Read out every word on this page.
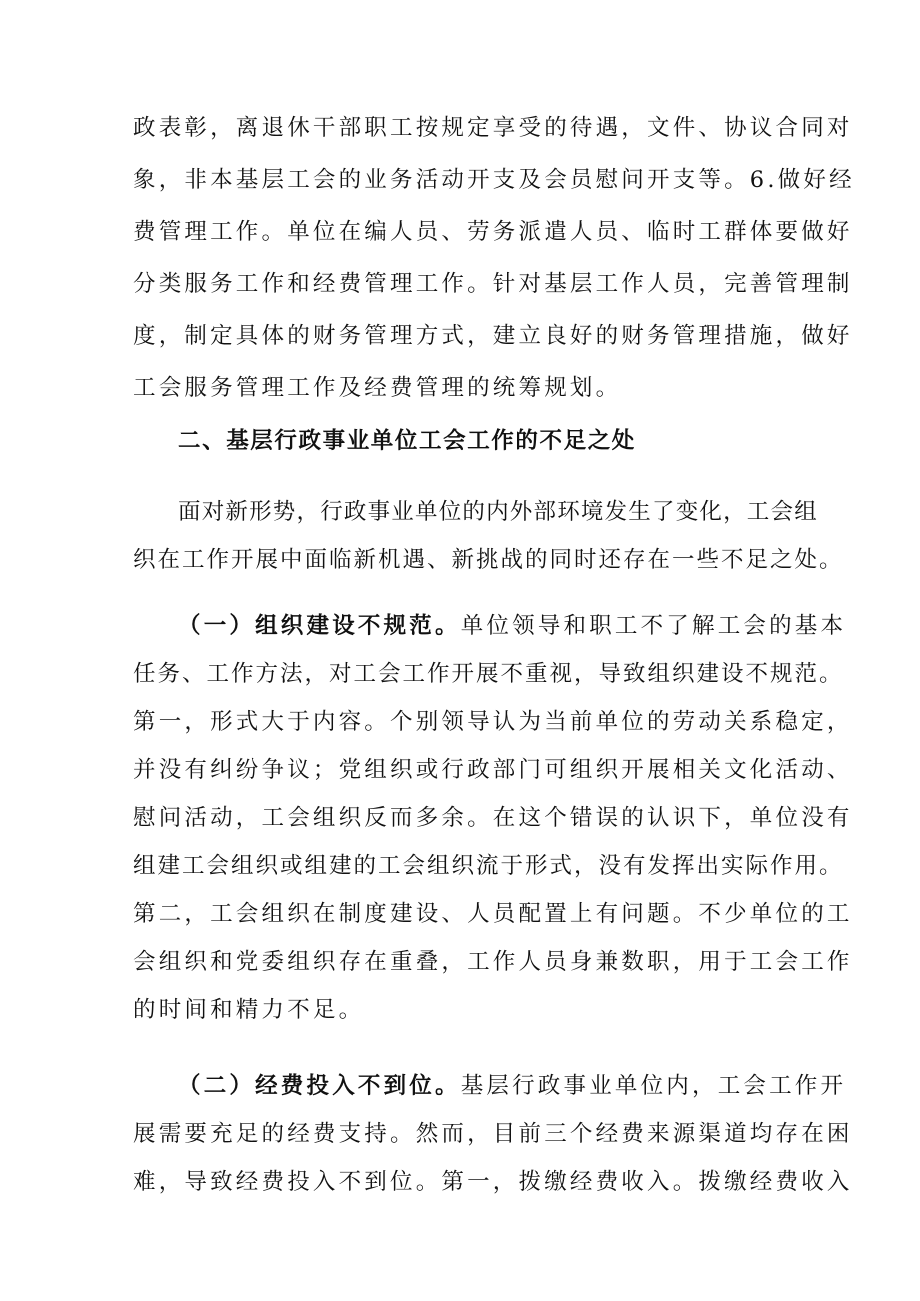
政表彰，离退休干部职工按规定享受的待遇，文件、协议合同对
象，非本基层工会的业务活动开支及会员慰问开支等。6.做好经
费管理工作。单位在编人员、劳务派遣人员、临时工群体要做好
分类服务工作和经费管理工作。针对基层工作人员，完善管理制
度，制定具体的财务管理方式，建立良好的财务管理措施，做好
工会服务管理工作及经费管理的统筹规划。
二、基层行政事业单位工会工作的不足之处
面对新形势，行政事业单位的内外部环境发生了变化，工会组
织在工作开展中面临新机遇、新挑战的同时还存在一些不足之处。
（一）组织建设不规范。单位领导和职工不了解工会的基本
任务、工作方法，对工会工作开展不重视，导致组织建设不规范。
第一，形式大于内容。个别领导认为当前单位的劳动关系稳定，
并没有纠纷争议；党组织或行政部门可组织开展相关文化活动、
慰问活动，工会组织反而多余。在这个错误的认识下，单位没有
组建工会组织或组建的工会组织流于形式，没有发挥出实际作用。
第二，工会组织在制度建设、人员配置上有问题。不少单位的工
会组织和党委组织存在重叠，工作人员身兼数职，用于工会工作
的时间和精力不足。
（二）经费投入不到位。基层行政事业单位内，工会工作开
展需要充足的经费支持。然而，目前三个经费来源渠道均存在困
难，导致经费投入不到位。第一，拨缴经费收入。拨缴经费收入
